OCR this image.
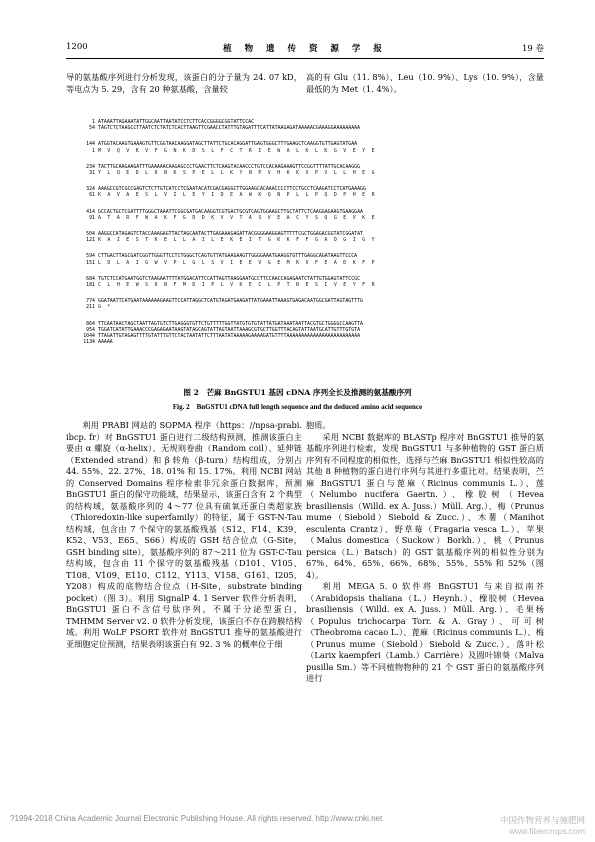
1200	植 物 遗 传 资 源 学 报	19 卷
导的氨基酸序列进行分析发现，该蛋白的分子量为 24. 07 kD，等电点为 5. 29，含有 20 种氨基酸，含量较
高的有 Glu（11. 8%）、Leu（10. 9%）、Lys（10. 9%），含量最低的为 Met（1. 4%）。
1 ATAAATTAGAAATATTGGCAATTAATATCCTCTTCACCGGGGCGGTATTCCAC
54 TAGTCTCTAAGCCTTAATCTCTATCTCACTTAAGTTCGAACCTATTTGTAGATTTCATTATAAGAGATAAAAACGAAAGGAAAAAAAAA
144 ATGGTACAAGTGAAAGTGTTCGGTAACAAGGATAGCTTATTCTGCACAGGATTGAGTGGGCTTTGAAGCTCAAGGTGTTGAGTATGAA
1 M  V  Q  V  K  V  F  G  N  K  D  S  L  F  C  T  R  I  E  W  A  L  K  L  K  G  V  E  Y  E
234 TACTTGCAAGAAGATTTGAAAAACAAGAGCCCTGAACTTCTCAAGTACAACCCTGTCCACAAGAAAGTTCCGGTTTTATTGCACAAGGG
31 Y  L  Q  E  D  L  K  N  K  S  P  E  L  L  K  Y  N  P  V  H  K  K  V  P  V  L  L  H  E  G
324 AAAGCCGTCGCCGAGTCTCTTGTCATCCTCGAATACATCGACGAGGCTTGGAAGCACAAACCCCTTCCTGCCTCAAGATCCTCATGAAAGG
61 K  A  V  A  E  S  L  V  I  L  E  Y  I  D  E  A  W  K  Q  N  P  L  L  P  Q  D  P  H  E  R
414 GCCACTGCTCGATTTTGGGCTAAATTCGGCGATGACAAGGTCGTGACTGCGTCAGTGGAAGCTTGCTATTCTCAAGGAGAAGTGAAGGAA
91 A  T  A  R  F  W  A  K  F  G  D  D  K  V  V  T  A  S  V  E  A  C  Y  S  Q  G  E  V  K  E
504 AAGGCCATAGAGTCTACCAAAGAGTTACTAGCAATACTTGAGAAAGAGATTACGGGGAAGGAGTTTTTCGCTGGAGACGGTATCGGATAT
121 K  A  I  E  S  T  K  E  L  L  A  I  L  E  K  E  I  T  G  K  K  F  F  G  A  D  G  I  G  Y
594 CTTGACTTAGCGATCGGTTGGGTTCCTCTGGGCTCAGTGTTATGAAGAAGTTGGGGAAATGAAGGTGTTTGAGGCAGATAAGTTCCCA
151 L  D  L  A  I  G  W  V  P  L  G  L  S  V  I  E  E  V  G  E  M  K  V  F  E  A  D  K  F  P
684 TGTCTCCATGAATGGTCTAAGAATTTTATGGACATTCCATTAGTTAAGGAATGCCTTCCAACCAGAGAATCTATTGTGGAGTATTCCGC
181 C  L  H  E  W  S  K  N  F  M  D  I  P  L  V  K  E  C  L  P  T  R  E  S  I  V  E  Y  F  R
774 GGATAATTCATGAATAAAAAAGAAGTTCCATTAGGCTCATGTAGATGAAGATTATGAAATTAAAGTGAGACAATGGCGATTAGTAGTTTG
211 G  *
864 TTCAATAACTAGCTAATTAGTGTCTTGAGGGTGTTCTGTTTTTGGTTATGTGTGTATTATGATAAATAATTACGTGCTGGGGCCAAGTTA
954 TGGATCATATTGAAACCCGAGAGAATAAGTATAGCAGTATTAGTAATTAAAGCGTGCTTGGTTTACAGTATTAATGCATTGTTTGTGTA
1044 TTAGATTGTAGAGTTTTGTATTTGTTCTACTAATATTCTTTAATATAAAAAGAAAAGATGTTTTAAAAAAAAAAAAAAAAAAAAAAAAA
1134 AAAAA
图 2　芒麻 BnGSTU1 基因 cDNA 序列全长及推测的氨基酸序列
Fig. 2　BnGSTU1 cDNA full length sequence and the deduced amino acid sequence

利用 PRABI 网站的 SOPMA 程序（https：//npsa-prabi. ibcp. fr）对 BnGSTU1 蛋白进行二级结构预测，推测该蛋白主要由 α 螺旋（α-helix）、无规则卷曲（Random coil）、延伸链（Extended strand）和 β 转角（β-turn）结构组成，分别占 44. 55%、22. 27%、18. 01% 和 15. 17%。利用 NCBI 网站的 Conserved Domains 程序检索非冗余蛋白数据库，预测 BnGSTU1 蛋白的保守功能域，结果显示，该蛋白含有 2 个典型的结构域，氨基酸序列的 4～77 位具有硫氧还蛋白类超家族（Thioredoxin-like superfamily）的特征，属于 GST-N-Tau 结构域，包含由 7 个保守的氨基酸残基（S12、F14、K39、K52、V53、E65、S66）构成的 GSH 结合位点（G-Site，GSH binding site），氨基酸序列的 87～211 位为 GST-C-Tau 结构域，包含由 11 个保守的氨基酸残基（D101、V105、T108、V109、E110、C112、Y113、V158、G161、I205、Y208）构成的底物结合位点（H-Site，substrate binding pocket）（图 3）。利用 SignalP 4. 1 Server 软件分析表明，BnGSTU1 蛋白不含信号肽序列，不属于分泌型蛋白，TMHMM Server v2. 0 软件分析发现，该蛋白不存在跨膜结构域。利用 WoLF PSORT 软件对 BnGSTU1 推导的氨基酸进行亚细胞定位预测，结果表明该蛋白有 92. 3 % 的概率位于细

胞质。

采用 NCBI 数据库的 BLASTp 程序对 BnGSTU1 推导的氨基酸序列进行检索，发现 BnGSTU1 与多种植物的 GST 蛋白质序列有不同程度的相似性，选择与苎麻 BnGSTU1 相似性较高的其他 8 种植物的蛋白进行序列与其进行多重比对。结果表明，苎麻 BnGSTU1 蛋白与蓖麻（Ricinus communis L.）、莲（Nelumbo nucifera Gaertn.）、橡胶树（Hevea brasiliensis（Willd. ex A. Juss.）Müll. Arg.）、梅（Prunus mume（Siebold）Siebold & Zucc.）、木薯（Manihot esculenta Crantz）、野草莓（Fragaria vesca L.）、苹果（Malus domestica（Suckow）Borkh.）、桃（Prunus persica（L.）Batsch）的 GST 氨基酸序列的相似性分别为 67%、64%、65%、66%、68%、55%、55% 和 52%（图 4）。

利用 MEGA 5. 0 软件将 BnGSTU1 与来自拟南芥（Arabidopsis thaliana（L.）Heynh.）、橡胶树（Hevea brasiliensis（Willd. ex A. Juss.）Müll. Arg.）、毛果杨（Populus trichocarpa Torr. & A. Gray）、可可树（Theobroma cacao L.）、蓖麻（Ricinus communis L.）、梅（Prunus mume（Siebold）Siebold & Zucc.）、落叶松（Larix kaempferi（Lamb.）Carrière）及圆叶锦葵（Malva pusilla Sm.）等不同植物物种的 21 个 GST 蛋白的氨基酸序列进行

?1994-2018 China Academic Journal Electronic Publishing House. All rights reserved. http://www.cnki.net	中国作物营养与施肥网
www.fibercrops.com
